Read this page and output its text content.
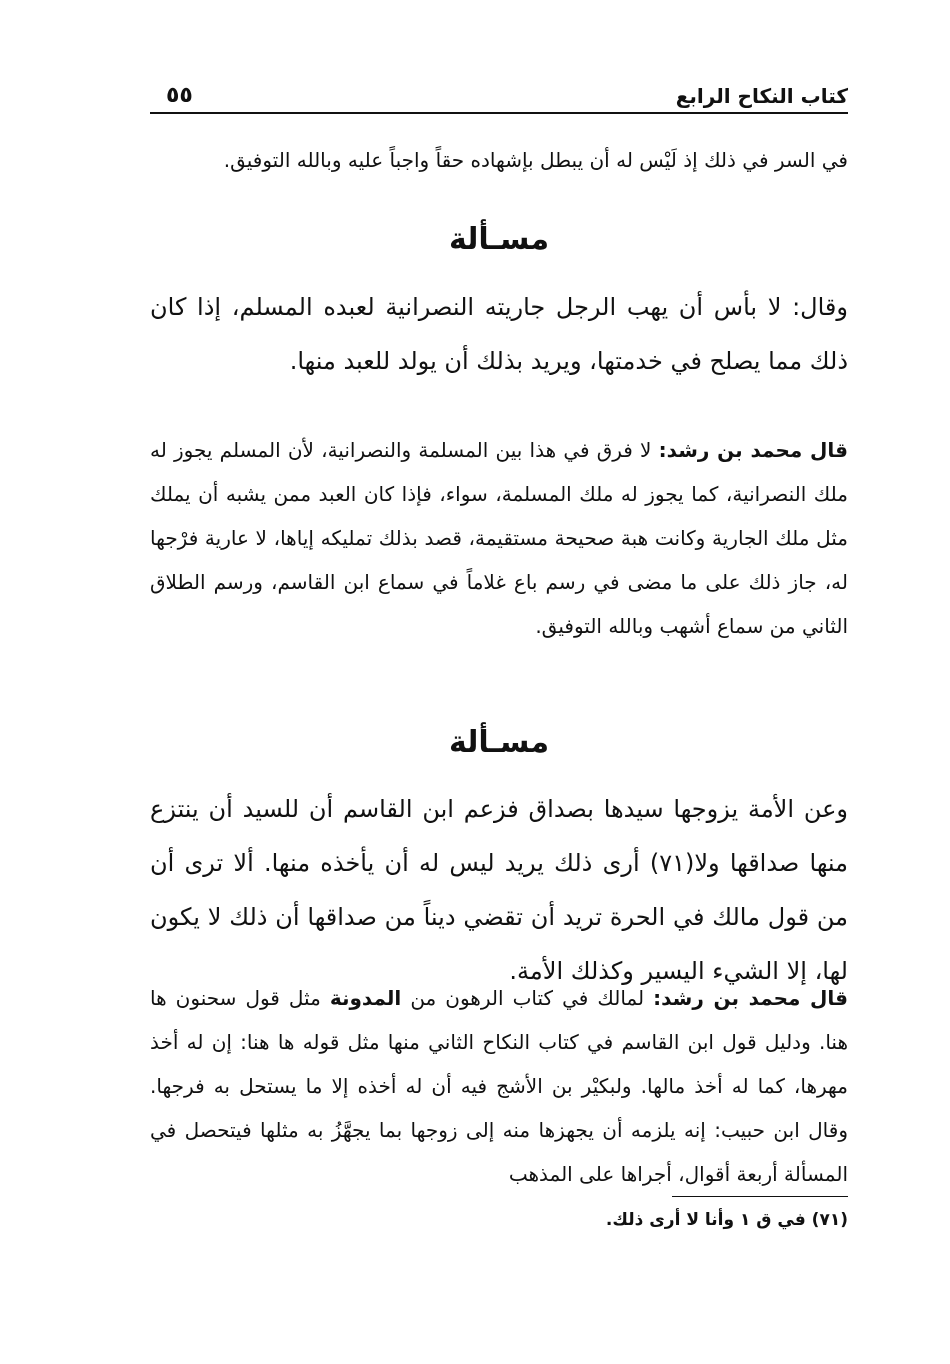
كتاب النكاح الرابع
٥٥

في السر في ذلك إذ لَيْس له أن يبطل بإشهاده حقاً واجباً عليه وبالله التوفيق.

مسـألة

وقال: لا بأس أن يهب الرجل جاريته النصرانية لعبده المسلم، إذا كان ذلك مما يصلح في خدمتها، ويريد بذلك أن يولد للعبد منها.

قال محمد بن رشد: لا فرق في هذا بين المسلمة والنصرانية، لأن المسلم يجوز له ملك النصرانية، كما يجوز له ملك المسلمة، سواء، فإذا كان العبد ممن يشبه أن يملك مثل ملك الجارية وكانت هبة صحيحة مستقيمة، قصد بذلك تمليكه إياها، لا عارية فرْجها له، جاز ذلك على ما مضى في رسم باع غلاماً في سماع ابن القاسم، ورسم الطلاق الثاني من سماع أشهب وبالله التوفيق.

مسـألة

وعن الأمة يزوجها سيدها بصداق فزعم ابن القاسم أن للسيد أن ينتزع منها صداقها ولا(٧١) أرى ذلك يريد ليس له أن يأخذه منها. ألا ترى أن من قول مالك في الحرة تريد أن تقضي ديناً من صداقها أن ذلك لا يكون لها، إلا الشيء اليسير وكذلك الأمة.

قال محمد بن رشد: لمالك في كتاب الرهون من المدونة مثل قول سحنون ها هنا. ودليل قول ابن القاسم في كتاب النكاح الثاني منها مثل قوله ها هنا: إن له أخذ مهرها، كما له أخذ مالها. ولبكيْر بن الأشج فيه أن له أخذه إلا ما يستحل به فرجها. وقال ابن حبيب: إنه يلزمه أن يجهزها منه إلى زوجها بما يجهَّزُ به مثلها فيتحصل في المسألة أربعة أقوال، أجراها على المذهب

(٧١) في ق ١ وأنا لا أرى ذلك.
